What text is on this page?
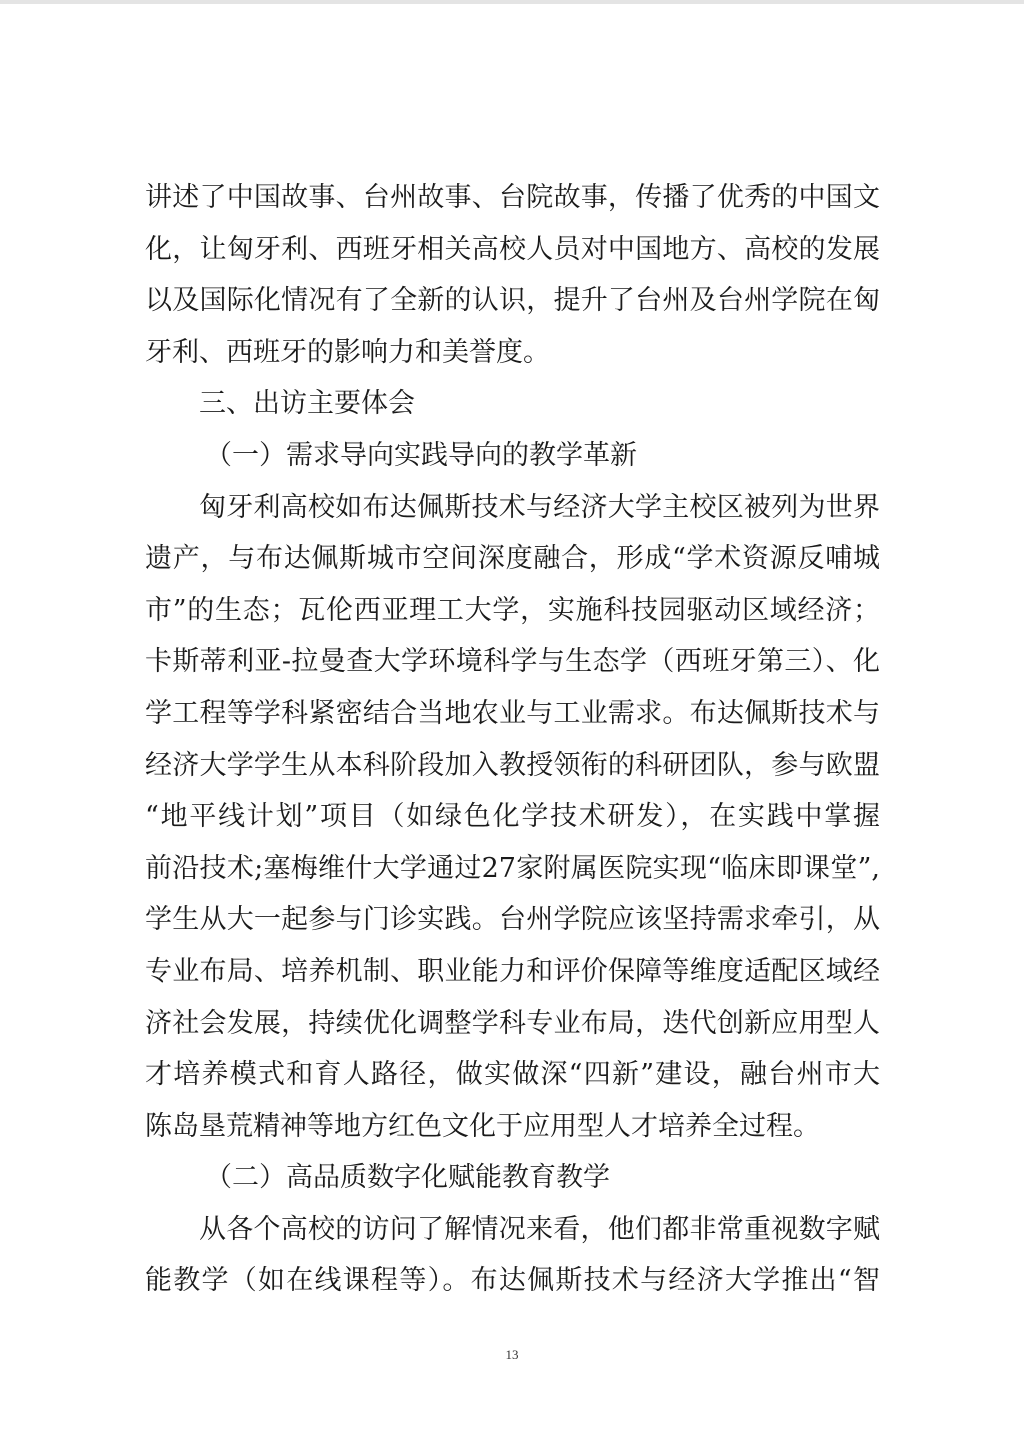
讲述了中国故事、台州故事、台院故事，传播了优秀的中国文
化，让匈牙利、西班牙相关高校人员对中国地方、高校的发展
以及国际化情况有了全新的认识，提升了台州及台州学院在匈
牙利、西班牙的影响力和美誉度。
三、出访主要体会
（一）需求导向实践导向的教学革新
匈牙利高校如布达佩斯技术与经济大学主校区被列为世界
遗产，与布达佩斯城市空间深度融合，形成“学术资源反哺城
市”的生态；瓦伦西亚理工大学，实施科技园驱动区域经济；
卡斯蒂利亚-拉曼查大学环境科学与生态学（西班牙第三）、化
学工程等学科紧密结合当地农业与工业需求。布达佩斯技术与
经济大学学生从本科阶段加入教授领衔的科研团队，参与欧盟
“地平线计划”项目（如绿色化学技术研发），在实践中掌握
前沿技术;塞梅维什大学通过27家附属医院实现“临床即课堂”,
学生从大一起参与门诊实践。台州学院应该坚持需求牵引，从
专业布局、培养机制、职业能力和评价保障等维度适配区域经
济社会发展，持续优化调整学科专业布局，迭代创新应用型人
才培养模式和育人路径，做实做深“四新”建设，融台州市大
陈岛垦荒精神等地方红色文化于应用型人才培养全过程。
（二）高品质数字化赋能教育教学
从各个高校的访问了解情况来看，他们都非常重视数字赋
能教学（如在线课程等）。布达佩斯技术与经济大学推出“智
13
